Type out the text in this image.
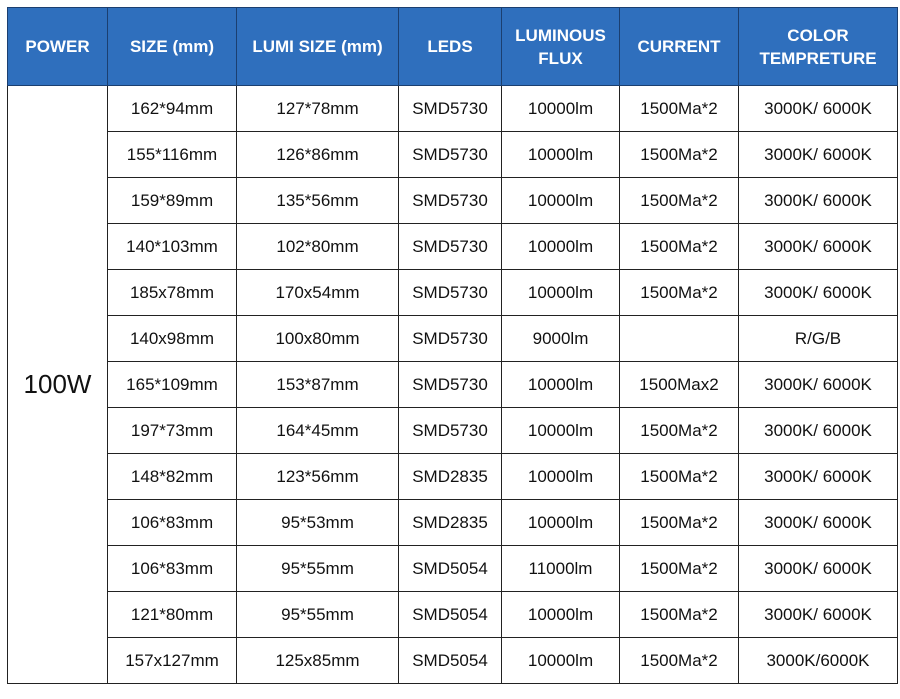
POWER	SIZE (mm)	LUMI SIZE (mm)	LEDS	LUMINOUS FLUX	CURRENT	COLOR TEMPRETURE
100W	162*94mm	127*78mm	SMD5730	10000lm	1500Ma*2	3000K/ 6000K
	155*116mm	126*86mm	SMD5730	10000lm	1500Ma*2	3000K/ 6000K
	159*89mm	135*56mm	SMD5730	10000lm	1500Ma*2	3000K/ 6000K
	140*103mm	102*80mm	SMD5730	10000lm	1500Ma*2	3000K/ 6000K
	185x78mm	170x54mm	SMD5730	10000lm	1500Ma*2	3000K/ 6000K
	140x98mm	100x80mm	SMD5730	9000lm		R/G/B
	165*109mm	153*87mm	SMD5730	10000lm	1500Max2	3000K/ 6000K
	197*73mm	164*45mm	SMD5730	10000lm	1500Ma*2	3000K/ 6000K
	148*82mm	123*56mm	SMD2835	10000lm	1500Ma*2	3000K/ 6000K
	106*83mm	95*53mm	SMD2835	10000lm	1500Ma*2	3000K/ 6000K
	106*83mm	95*55mm	SMD5054	11000lm	1500Ma*2	3000K/ 6000K
	121*80mm	95*55mm	SMD5054	10000lm	1500Ma*2	3000K/ 6000K
	157x127mm	125x85mm	SMD5054	10000lm	1500Ma*2	3000K/6000K
